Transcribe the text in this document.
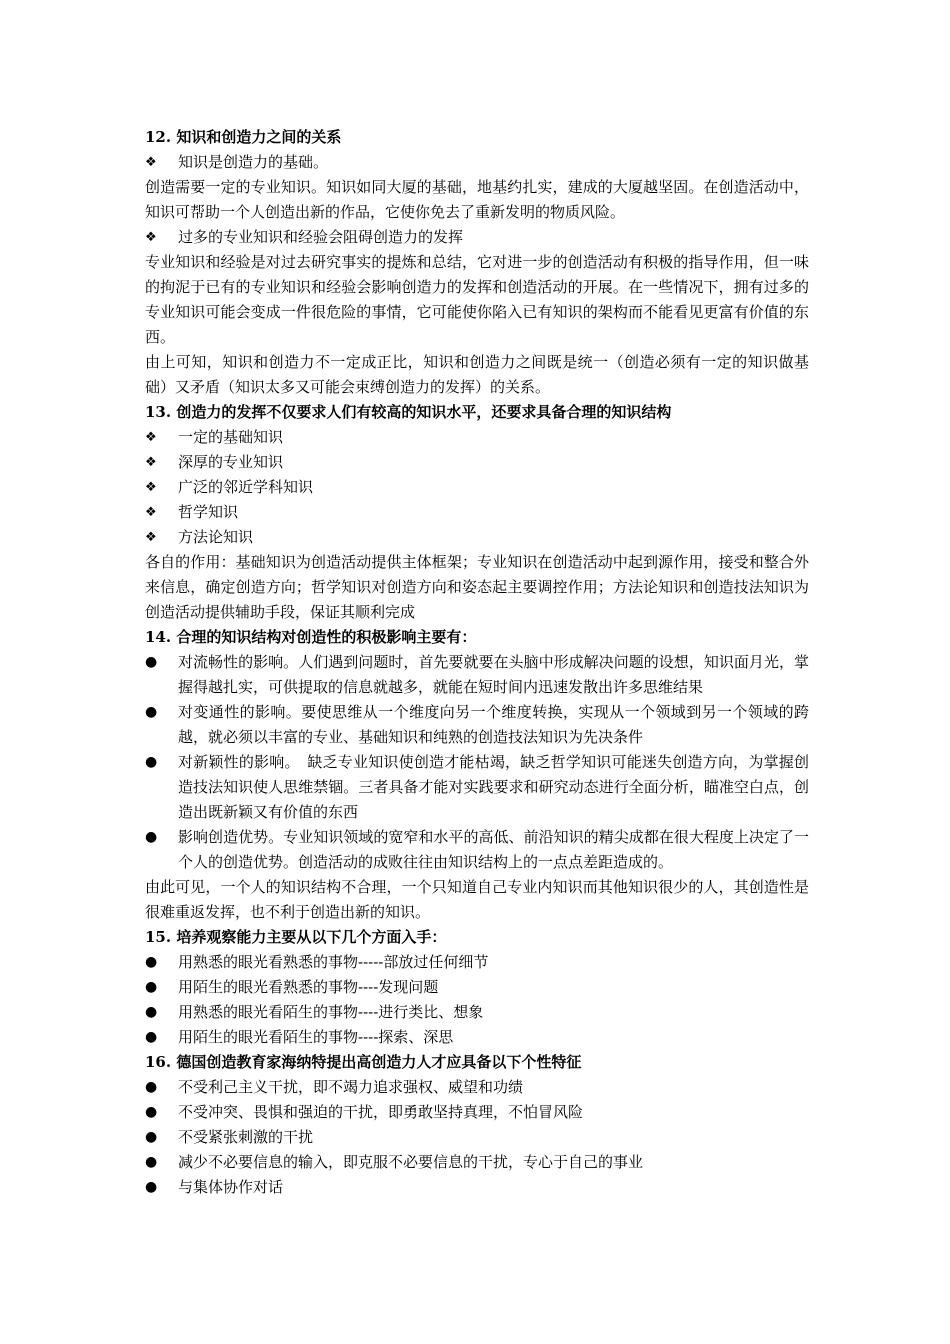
12. 知识和创造力之间的关系
❖	知识是创造力的基础。
创造需要一定的专业知识。知识如同大厦的基础，地基约扎实，建成的大厦越坚固。在创造活动中，知识可帮助一个人创造出新的作品，它使你免去了重新发明的物质风险。
❖	过多的专业知识和经验会阻碍创造力的发挥
专业知识和经验是对过去研究事实的提炼和总结，它对进一步的创造活动有积极的指导作用，但一味的拘泥于已有的专业知识和经验会影响创造力的发挥和创造活动的开展。在一些情况下，拥有过多的专业知识可能会变成一件很危险的事情，它可能使你陷入已有知识的架构而不能看见更富有价值的东西。
由上可知，知识和创造力不一定成正比，知识和创造力之间既是统一（创造必须有一定的知识做基础）又矛盾（知识太多又可能会束缚创造力的发挥）的关系。
13. 创造力的发挥不仅要求人们有较高的知识水平，还要求具备合理的知识结构
❖	一定的基础知识
❖	深厚的专业知识
❖	广泛的邻近学科知识
❖	哲学知识
❖	方法论知识
各自的作用：基础知识为创造活动提供主体框架；专业知识在创造活动中起到源作用，接受和整合外来信息，确定创造方向；哲学知识对创造方向和姿态起主要调控作用；方法论知识和创造技法知识为创造活动提供辅助手段，保证其顺利完成
14. 合理的知识结构对创造性的积极影响主要有：
●	对流畅性的影响。人们遇到问题时，首先要就要在头脑中形成解决问题的设想，知识面月光，掌握得越扎实，可供提取的信息就越多，就能在短时间内迅速发散出许多思维结果
●	对变通性的影响。要使思维从一个维度向另一个维度转换，实现从一个领域到另一个领域的跨越，就必须以丰富的专业、基础知识和纯熟的创造技法知识为先决条件
●	对新颖性的影响。　缺乏专业知识使创造才能枯竭，缺乏哲学知识可能迷失创造方向，为掌握创造技法知识使人思维禁锢。三者具备才能对实践要求和研究动态进行全面分析，瞄准空白点，创造出既新颖又有价值的东西
●	影响创造优势。专业知识领域的宽窄和水平的高低、前沿知识的精尖成都在很大程度上决定了一个人的创造优势。创造活动的成败往往由知识结构上的一点点差距造成的。
由此可见，一个人的知识结构不合理，一个只知道自己专业内知识而其他知识很少的人，其创造性是很难重返发挥，也不利于创造出新的知识。
15. 培养观察能力主要从以下几个方面入手：
●	用熟悉的眼光看熟悉的事物-----部放过任何细节
●	用陌生的眼光看熟悉的事物----发现问题
●	用熟悉的眼光看陌生的事物----进行类比、想象
●	用陌生的眼光看陌生的事物----探索、深思
16. 德国创造教育家海纳特提出高创造力人才应具备以下个性特征
●	不受利己主义干扰，即不竭力追求强权、威望和功绩
●	不受冲突、畏惧和强迫的干扰，即勇敢坚持真理，不怕冒风险
●	不受紧张刺激的干扰
●	减少不必要信息的输入，即克服不必要信息的干扰，专心于自己的事业
●	与集体协作对话
